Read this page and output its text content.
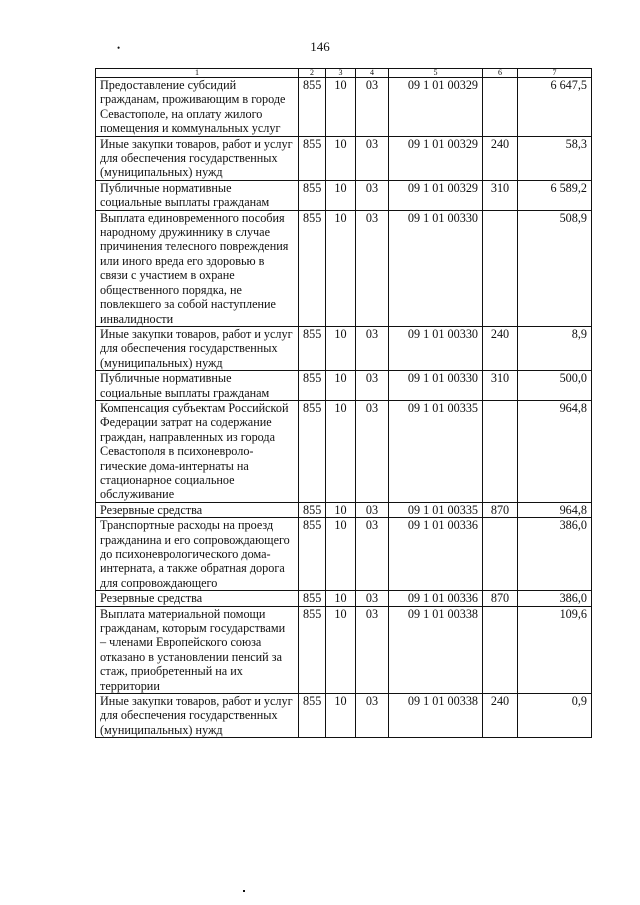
146
•
1	2	3	4	5	6	7
Предоставление субсидий гражданам, проживающим в городе Севастополе, на оплату жилого помещения и коммунальных услуг	855	10	03	09 1 01 00329		6 647,5
Иные закупки товаров, работ и услуг для обеспечения государственных (муниципальных) нужд	855	10	03	09 1 01 00329	240	58,3
Публичные нормативные социальные выплаты гражданам	855	10	03	09 1 01 00329	310	6 589,2
Выплата единовременного пособия народному дружиннику в случае причинения телесного повреждения или иного вреда его здоровью в связи с участием в охране общественного порядка, не повлекшего за собой наступление инвалидности	855	10	03	09 1 01 00330		508,9
Иные закупки товаров, работ и услуг для обеспечения государственных (муниципальных) нужд	855	10	03	09 1 01 00330	240	8,9
Публичные нормативные социальные выплаты гражданам	855	10	03	09 1 01 00330	310	500,0
Компенсация субъектам Российской Федерации затрат на содержание граждан, направленных из города Севастополя в психоневроло-гические дома-интернаты на стационарное социальное обслуживание	855	10	03	09 1 01 00335		964,8
Резервные средства	855	10	03	09 1 01 00335	870	964,8
Транспортные расходы на проезд гражданина и его сопровождающего до психоневрологического дома-интерната, а также обратная дорога для сопровождающего	855	10	03	09 1 01 00336		386,0
Резервные средства	855	10	03	09 1 01 00336	870	386,0
Выплата материальной помощи гражданам, которым государствами – членами Европейского союза отказано в установлении пенсий за стаж, приобретенный на их территории	855	10	03	09 1 01 00338		109,6
Иные закупки товаров, работ и услуг для обеспечения государственных (муниципальных) нужд	855	10	03	09 1 01 00338	240	0,9
